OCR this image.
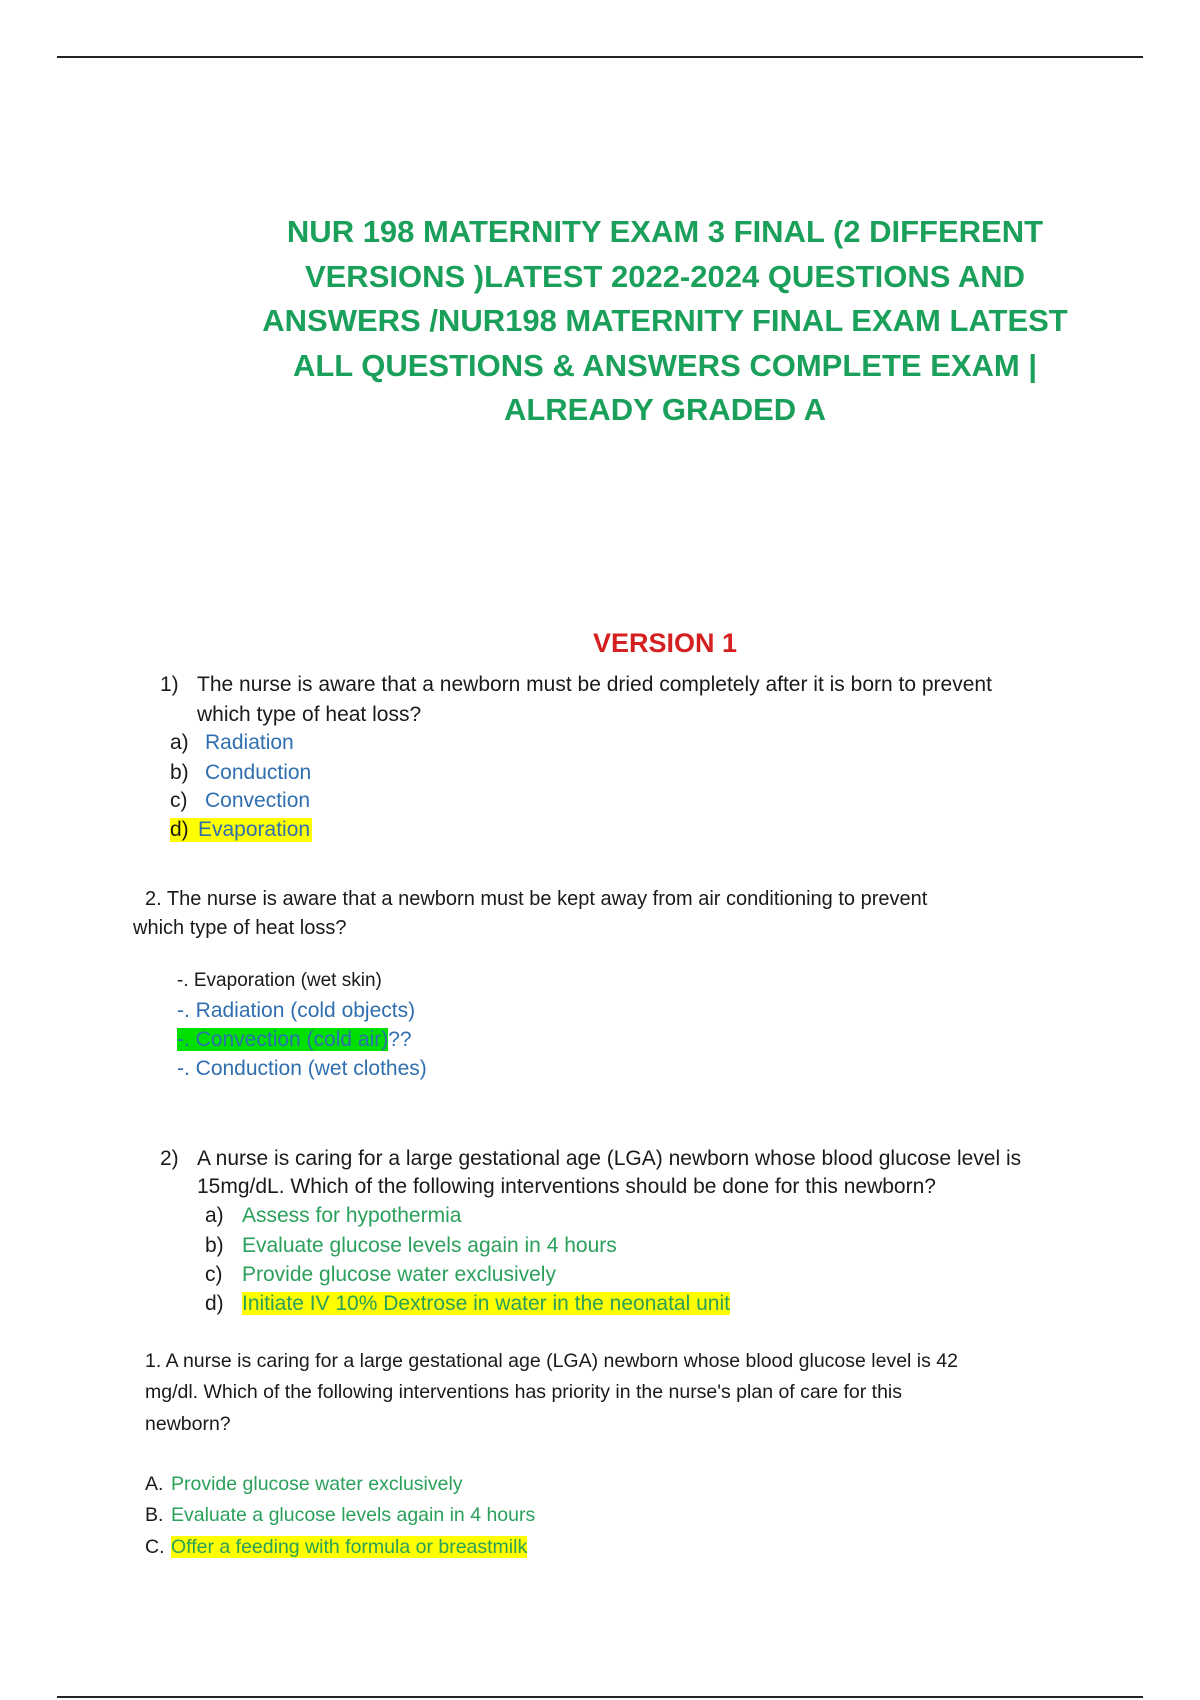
NUR 198 MATERNITY EXAM 3 FINAL (2 DIFFERENT
VERSIONS )LATEST 2022-2024 QUESTIONS AND
ANSWERS /NUR198 MATERNITY FINAL EXAM LATEST
ALL QUESTIONS & ANSWERS COMPLETE EXAM |
ALREADY GRADED A
VERSION 1
1) The nurse is aware that a newborn must be dried completely after it is born to prevent
which type of heat loss?
a) Radiation
b) Conduction
c) Convection
d) Evaporation
2. The nurse is aware that a newborn must be kept away from air conditioning to prevent
which type of heat loss?
-. Evaporation (wet skin)
-. Radiation (cold objects)
-. Convection (cold air)??
-. Conduction (wet clothes)
2) A nurse is caring for a large gestational age (LGA) newborn whose blood glucose level is
15mg/dL. Which of the following interventions should be done for this newborn?
a) Assess for hypothermia
b) Evaluate glucose levels again in 4 hours
c) Provide glucose water exclusively
d) Initiate IV 10% Dextrose in water in the neonatal unit
1. A nurse is caring for a large gestational age (LGA) newborn whose blood glucose level is 42
mg/dl. Which of the following interventions has priority in the nurse's plan of care for this
newborn?
A. Provide glucose water exclusively
B. Evaluate a glucose levels again in 4 hours
C. Offer a feeding with formula or breastmilk
